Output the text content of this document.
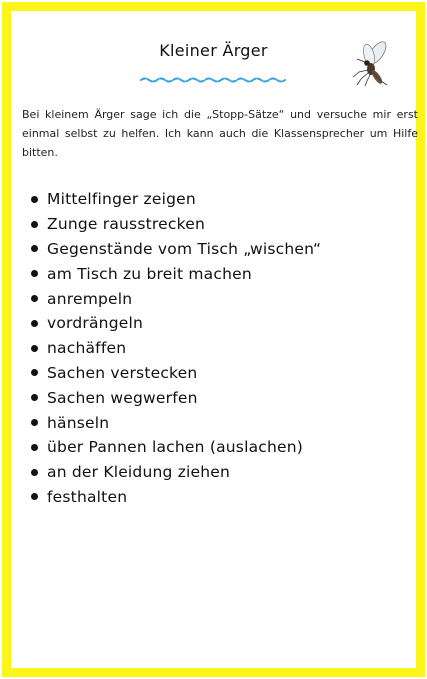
Kleiner Ärger
Bei kleinem Ärger sage ich die „Stopp-Sätze“ und versuche mir erst einmal selbst zu helfen. Ich kann auch die Klassensprecher um Hilfe bitten.
Mittelfinger zeigen
Zunge rausstrecken
Gegenstände vom Tisch „wischen“
am Tisch zu breit machen
anrempeln
vordrängeln
nachäffen
Sachen verstecken
Sachen wegwerfen
hänseln
über Pannen lachen (auslachen)
an der Kleidung ziehen
festhalten
